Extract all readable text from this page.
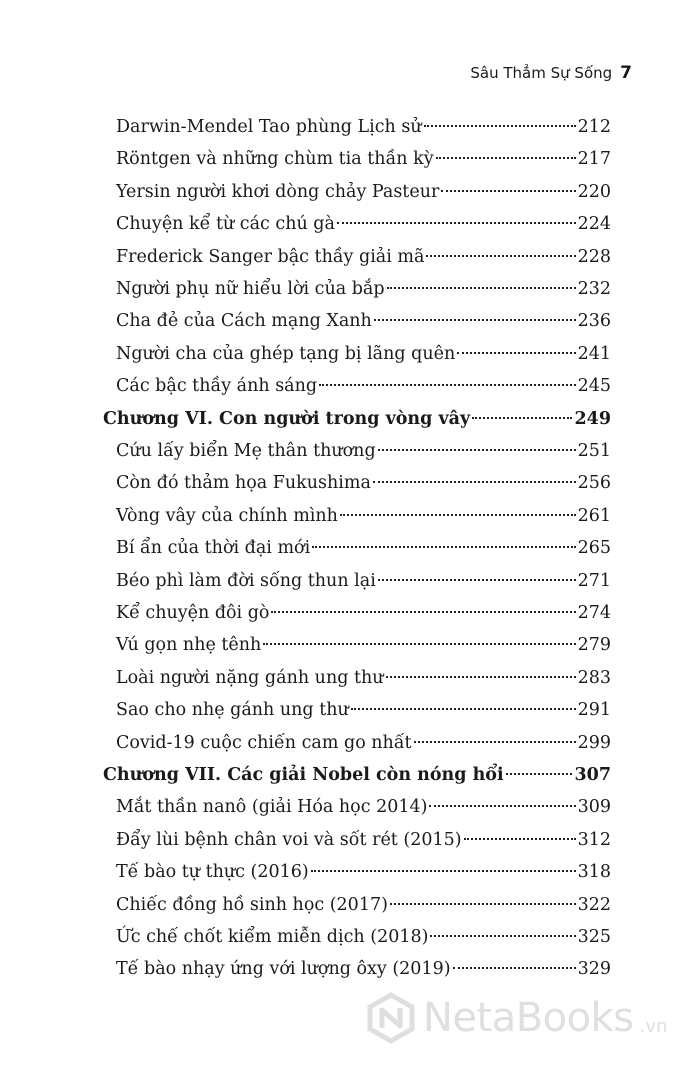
Sâu Thẳm Sự Sống 7
Darwin-Mendel Tao phùng Lịch sử	212
Röntgen và những chùm tia thần kỳ	217
Yersin người khơi dòng chảy Pasteur	220
Chuyện kể từ các chú gà	224
Frederick Sanger bậc thầy giải mã	228
Người phụ nữ hiểu lời của bắp	232
Cha đẻ của Cách mạng Xanh	236
Người cha của ghép tạng bị lãng quên	241
Các bậc thầy ánh sáng	245
Chương VI. Con người trong vòng vây	249
Cứu lấy biển Mẹ thân thương	251
Còn đó thảm họa Fukushima	256
Vòng vây của chính mình	261
Bí ẩn của thời đại mới	265
Béo phì làm đời sống thun lại	271
Kể chuyện đôi gò	274
Vú gọn nhẹ tênh	279
Loài người nặng gánh ung thư	283
Sao cho nhẹ gánh ung thư	291
Covid-19 cuộc chiến cam go nhất	299
Chương VII. Các giải Nobel còn nóng hổi	307
Mắt thần nanô (giải Hóa học 2014)	309
Đẩy lùi bệnh chân voi và sốt rét (2015)	312
Tế bào tự thực (2016)	318
Chiếc đồng hồ sinh học (2017)	322
Ức chế chốt kiểm miễn dịch (2018)	325
Tế bào nhạy ứng với lượng ôxy (2019)	329
NetaBooks .vn
